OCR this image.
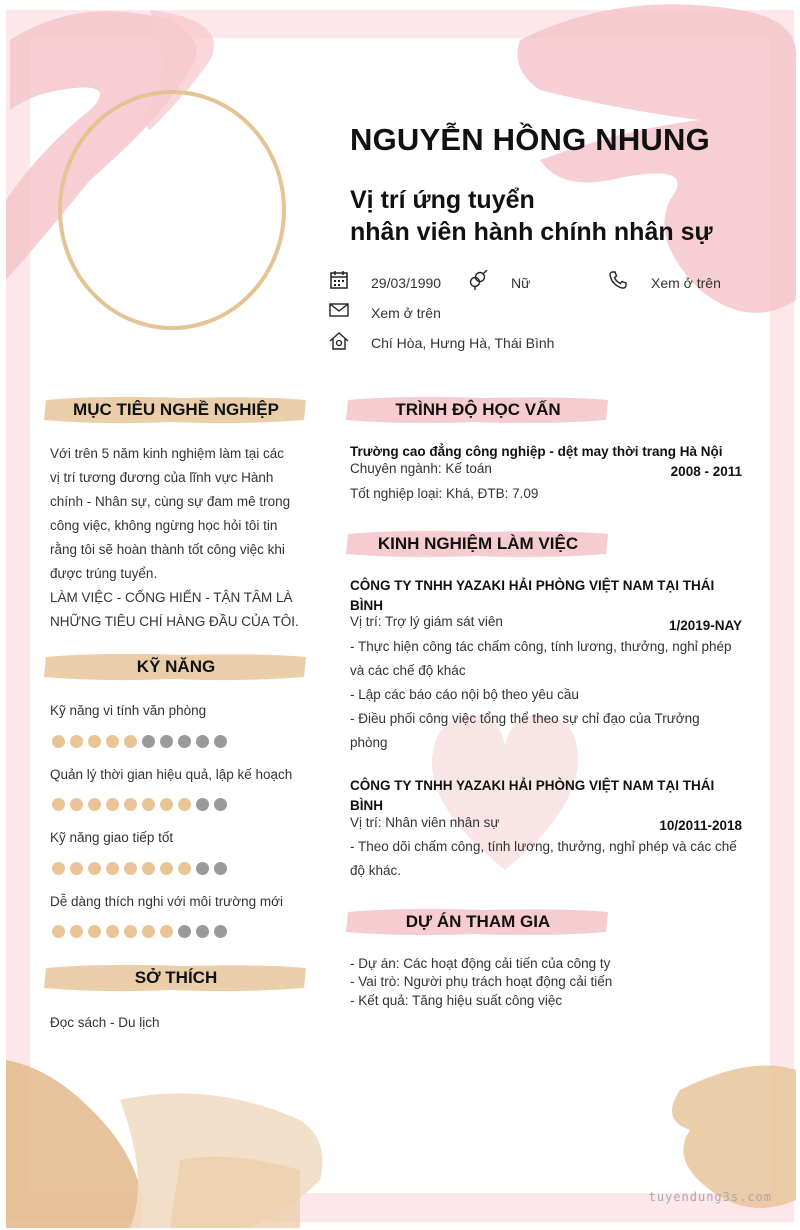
NGUYỄN HỒNG NHUNG
Vị trí ứng tuyển
nhân viên hành chính nhân sự
29/03/1990	Nữ	Xem ở trên
Xem ở trên
Chí Hòa, Hưng Hà, Thái Bình
MỤC TIÊU NGHỀ NGHIỆP	TRÌNH ĐỘ HỌC VẤN
Với trên 5 năm kinh nghiệm làm tại các
vị trí tương đương của lĩnh vực Hành
chính - Nhân sự, cùng sự đam mê trong
công việc, không ngừng học hỏi tôi tin
rằng tôi sẽ hoàn thành tốt công việc khi
được trúng tuyển.
LÀM VIỆC - CỐNG HIẾN - TẬN TÂM LÀ
NHỮNG TIÊU CHÍ HÀNG ĐẦU CỦA TÔI.
Trường cao đẳng công nghiệp - dệt may thời trang Hà Nội
Chuyên ngành: Kế toán	2008 - 2011
Tốt nghiệp loại: Khá, ĐTB: 7.09
KINH NGHIỆM LÀM VIỆC
CÔNG TY TNHH YAZAKI HẢI PHÒNG VIỆT NAM TẠI THÁI
BÌNH
Vị trí: Trợ lý giám sát viên	1/2019-NAY
- Thực hiện công tác chấm công, tính lương, thưởng, nghỉ phép
và các chế độ khác
- Lập các báo cáo nội bộ theo yêu cầu
- Điều phối công việc tổng thể theo sự chỉ đạo của Trưởng
phòng
CÔNG TY TNHH YAZAKI HẢI PHÒNG VIỆT NAM TẠI THÁI
BÌNH
Vị trí: Nhân viên nhân sự	10/2011-2018
- Theo dõi chấm công, tính lương, thưởng, nghỉ phép và các chế
độ khác.
KỸ NĂNG
Kỹ năng vi tính văn phòng
Quản lý thời gian hiệu quả, lập kế hoạch
Kỹ năng giao tiếp tốt
Dễ dàng thích nghi với môi trường mới
DỰ ÁN THAM GIA
- Dự án: Các hoạt động cải tiến của công ty
- Vai trò: Người phụ trách hoạt động cải tiến
- Kết quả: Tăng hiệu suất công việc
SỞ THÍCH
Đọc sách - Du lịch
tuyendung3s.com
